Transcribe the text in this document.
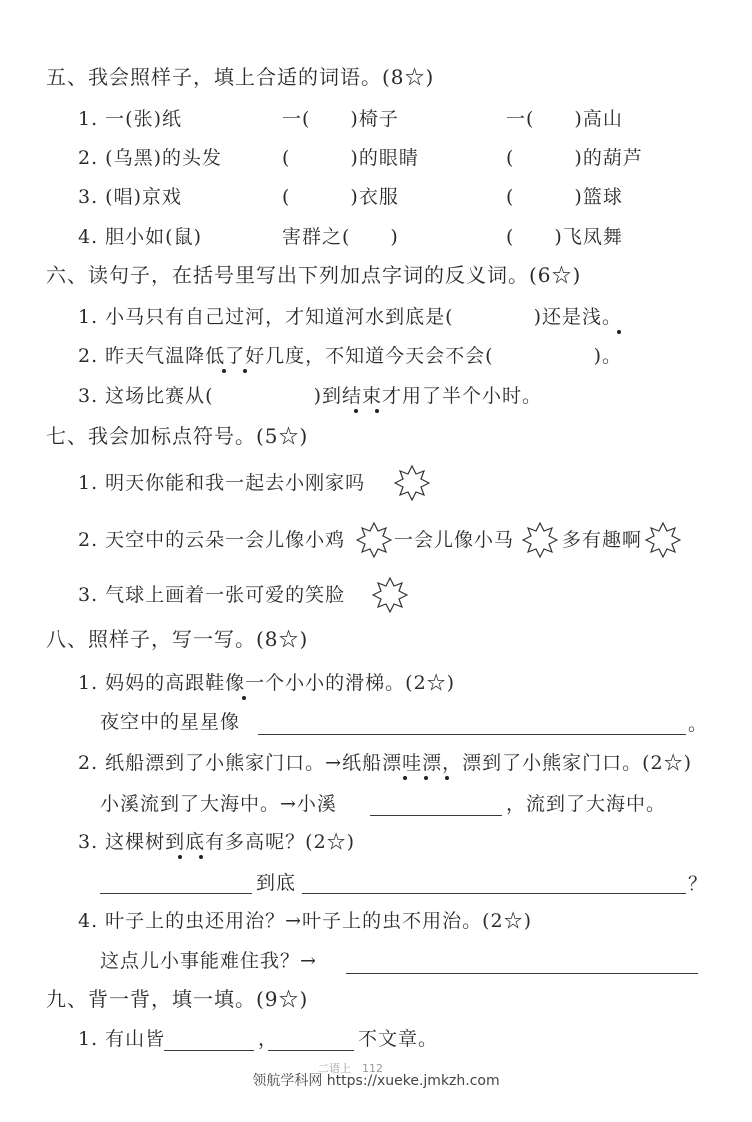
五、我会照样子，填上合适的词语。(8☆)
1. 一(张)纸	一(　　)椅子	一(　　)高山
2. (乌黑)的头发	(　　　)的眼睛	(　　　)的葫芦
3. (唱)京戏	(　　　)衣服	(　　　)篮球
4. 胆小如(鼠)	害群之(　　)	(　　)飞凤舞
六、读句子，在括号里写出下列加点字词的反义词。(6☆)
1. 小马只有自己过河，才知道河水到底是(　　　　)还是浅。
2. 昨天气温降低了好几度，不知道今天会不会(　　　　　)。
3. 这场比赛从(　　　　　)到结束才用了半个小时。
七、我会加标点符号。(5☆)
1. 明天你能和我一起去小刚家吗
2. 天空中的云朵一会儿像小鸡	一会儿像小马	多有趣啊
3. 气球上画着一张可爱的笑脸
八、照样子，写一写。(8☆)
1. 妈妈的高跟鞋像一个小小的滑梯。(2☆)
夜空中的星星像	。
2. 纸船漂到了小熊家门口。→纸船漂哇漂，漂到了小熊家门口。(2☆)
小溪流到了大海中。→小溪	，流到了大海中。
3. 这棵树到底有多高呢？(2☆)
到底	？
4. 叶子上的虫还用治？→叶子上的虫不用治。(2☆)
这点儿小事能难住我？→
九、背一背，填一填。(9☆)
1. 有山皆	，	不文章。
二语上　112
领航学科网 https://xueke.jmkzh.com
